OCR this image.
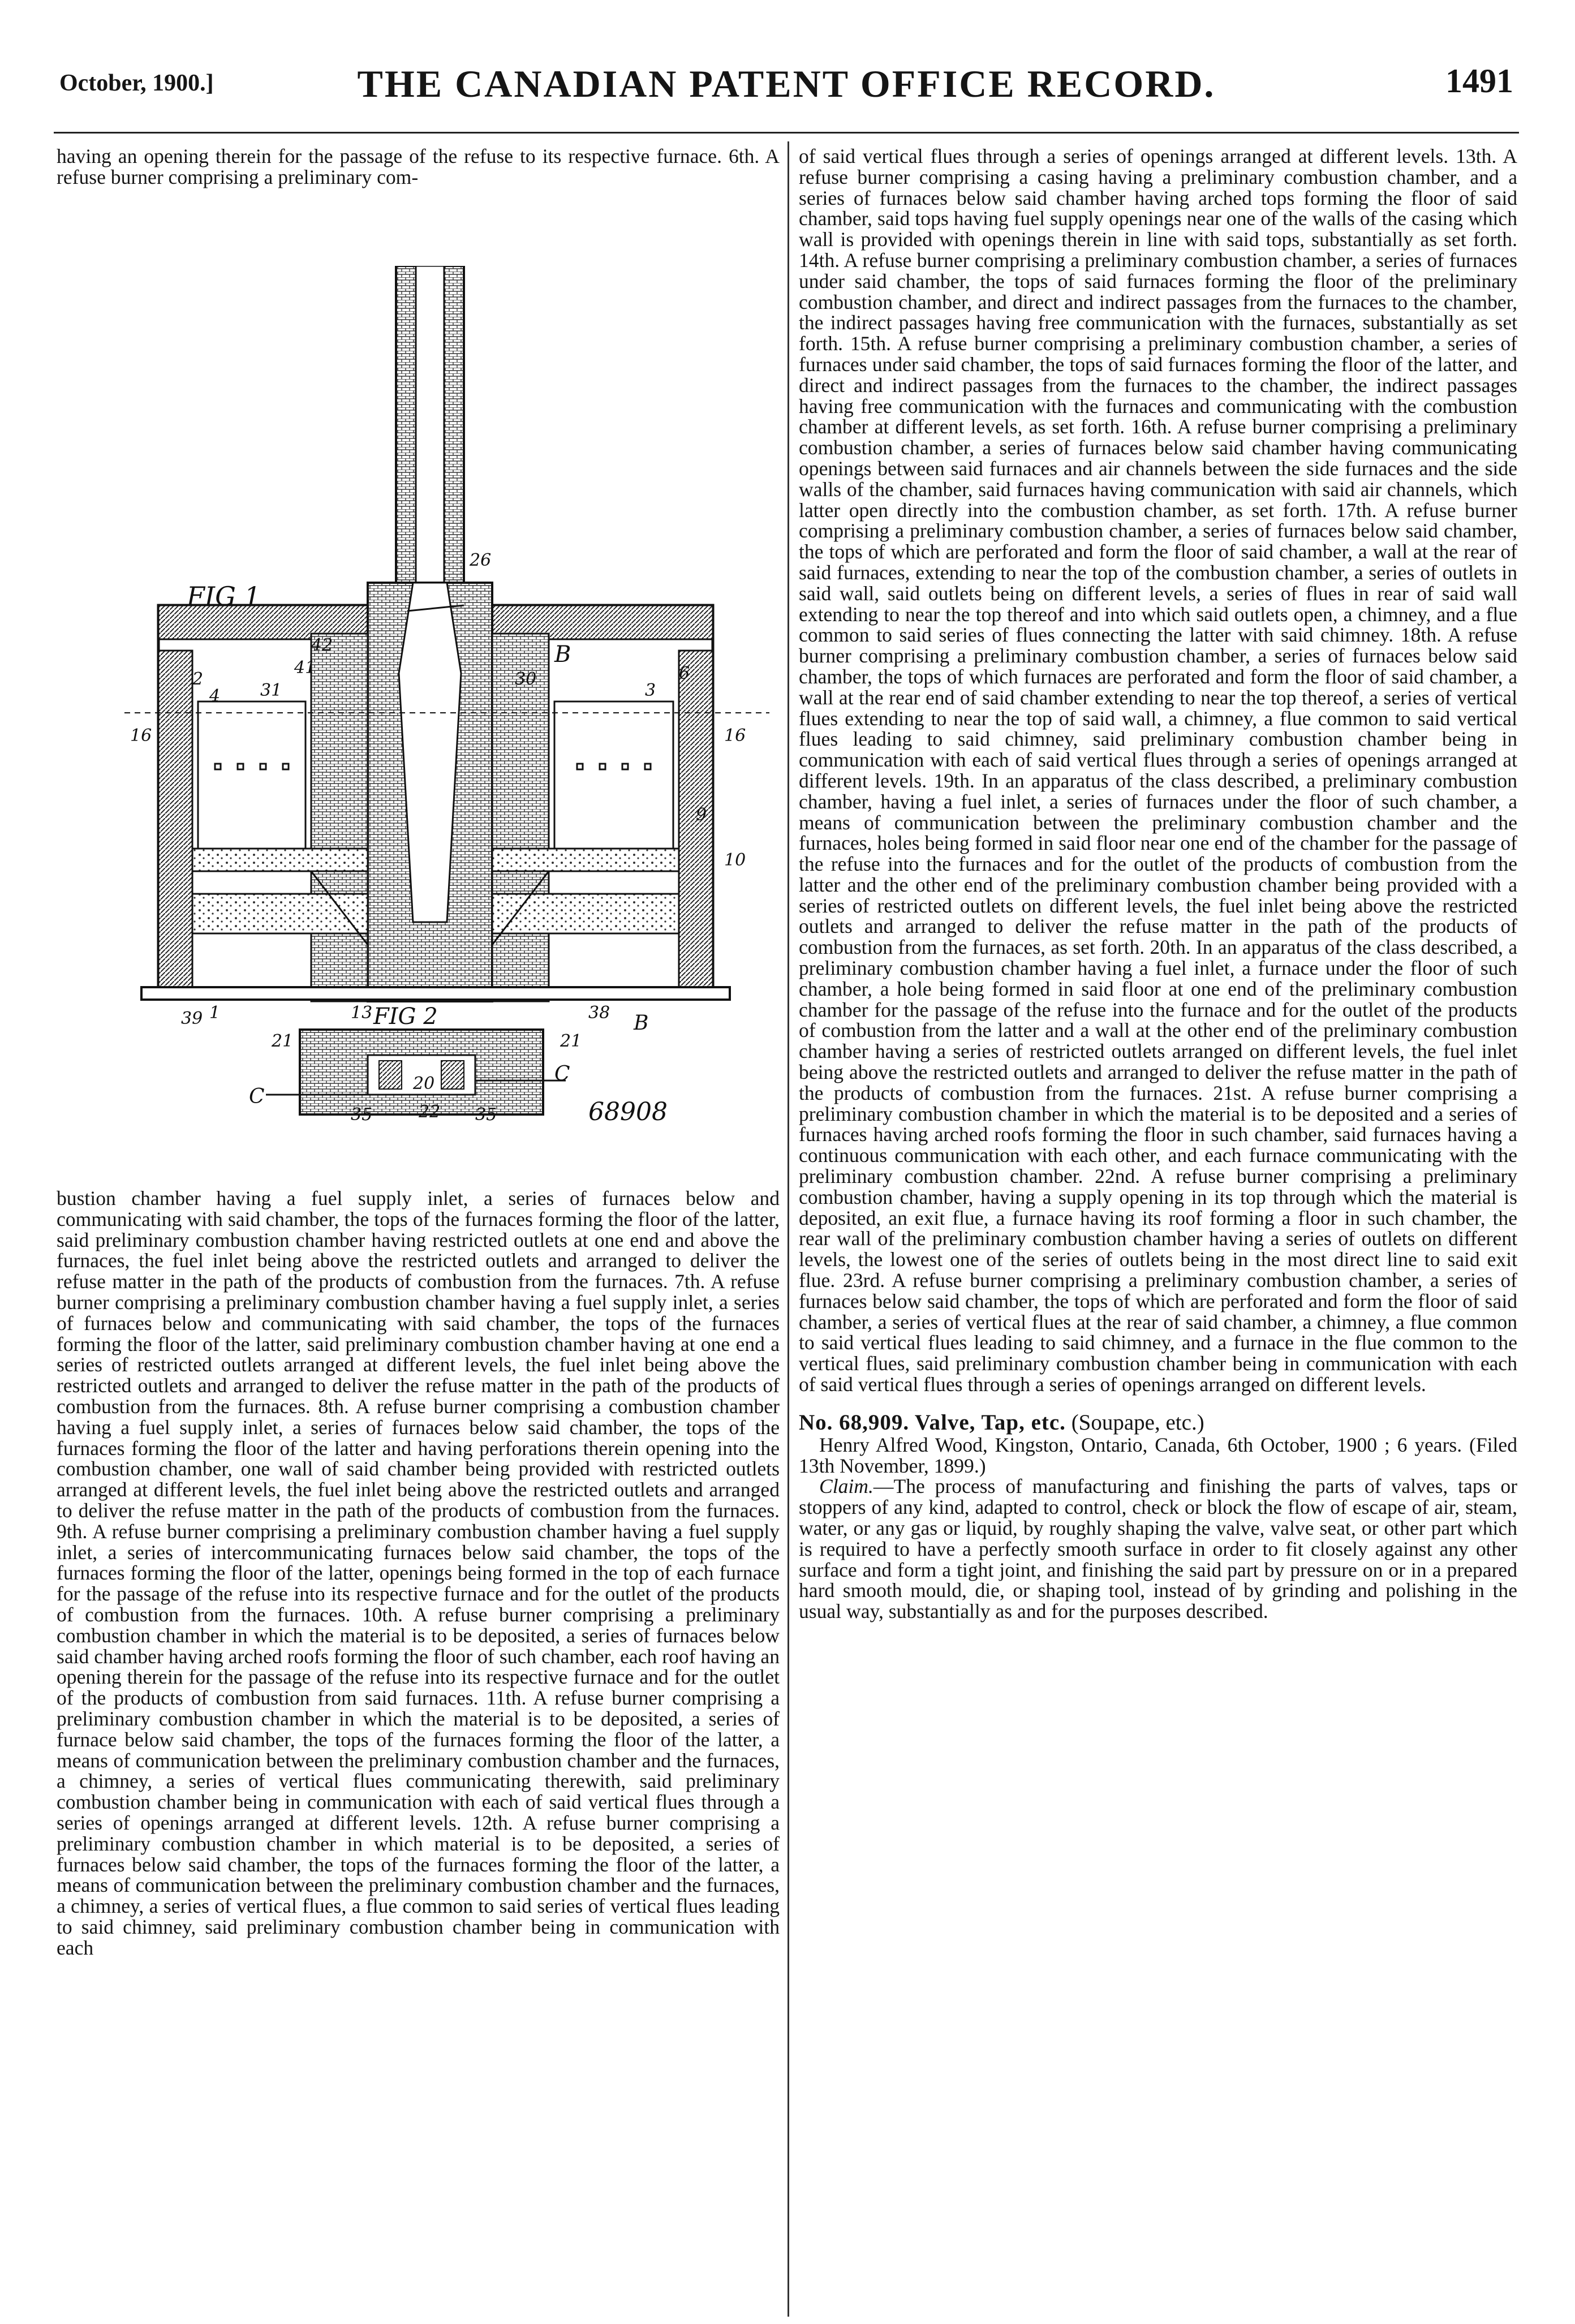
October, 1900.]	THE CANADIAN PATENT OFFICE RECORD.	1491

having an opening therein for the passage of the refuse to its respective furnace. 6th. A refuse burner comprising a preliminary com-

FIG 1
FIG 2
68908
26
42
41
31
30
B
3
6
4
2
16	16
9
10
39 1	13	38 B
C
C
35	35
22
21	21
20

bustion chamber having a fuel supply inlet, a series of furnaces below and communicating with said chamber, the tops of the furnaces forming the floor of the latter, said preliminary combustion chamber having restricted outlets at one end and above the furnaces, the fuel inlet being above the restricted outlets and arranged to deliver the refuse matter in the path of the products of combustion from the furnaces. 7th. A refuse burner comprising a preliminary combustion chamber having a fuel supply inlet, a series of furnaces below and communicating with said chamber, the tops of the furnaces forming the floor of the latter, said preliminary combustion chamber having at one end a series of restricted outlets arranged at different levels, the fuel inlet being above the restricted outlets and arranged to deliver the refuse matter in the path of the products of combustion from the furnaces. 8th. A refuse burner comprising a combustion chamber having a fuel supply inlet, a series of furnaces below said chamber, the tops of the furnaces forming the floor of the latter and having perforations therein opening into the combustion chamber, one wall of said chamber being provided with restricted outlets arranged at different levels, the fuel inlet being above the restricted outlets and arranged to deliver the refuse matter in the path of the products of combustion from the furnaces. 9th. A refuse burner comprising a preliminary combustion chamber having a fuel supply inlet, a series of intercommunicating furnaces below said chamber, the tops of the furnaces forming the floor of the latter, openings being formed in the top of each furnace for the passage of the refuse into its respective furnace and for the outlet of the products of combustion from the furnaces. 10th. A refuse burner comprising a preliminary combustion chamber in which the material is to be deposited, a series of furnaces below said chamber having arched roofs forming the floor of such chamber, each roof having an opening therein for the passage of the refuse into its respective furnace and for the outlet of the products of combustion from said furnaces. 11th. A refuse burner comprising a preliminary combustion chamber in which the material is to be deposited, a series of furnace below said chamber, the tops of the furnaces forming the floor of the latter, a means of communication between the preliminary combustion chamber and the furnaces, a chimney, a series of vertical flues communicating therewith, said preliminary combustion chamber being in communication with each of said vertical flues through a series of openings arranged at different levels. 12th. A refuse burner comprising a preliminary combustion chamber in which material is to be deposited, a series of furnaces below said chamber, the tops of the furnaces forming the floor of the latter, a means of communication between the preliminary combustion chamber and the furnaces, a chimney, a series of vertical flues, a flue common to said series of vertical flues leading to said chimney, said preliminary combustion chamber being in communication with each

of said vertical flues through a series of openings arranged at different levels. 13th. A refuse burner comprising a casing having a preliminary combustion chamber, and a series of furnaces below said chamber having arched tops forming the floor of said chamber, said tops having fuel supply openings near one of the walls of the casing which wall is provided with openings therein in line with said tops, substantially as set forth. 14th. A refuse burner comprising a preliminary combustion chamber, a series of furnaces under said chamber, the tops of said furnaces forming the floor of the preliminary combustion chamber, and direct and indirect passages from the furnaces to the chamber, the indirect passages having free communication with the furnaces, substantially as set forth. 15th. A refuse burner comprising a preliminary combustion chamber, a series of furnaces under said chamber, the tops of said furnaces forming the floor of the latter, and direct and indirect passages from the furnaces to the chamber, the indirect passages having free communication with the furnaces and communicating with the combustion chamber at different levels, as set forth. 16th. A refuse burner comprising a preliminary combustion chamber, a series of furnaces below said chamber having communicating openings between said furnaces and air channels between the side furnaces and the side walls of the chamber, said furnaces having communication with said air channels, which latter open directly into the combustion chamber, as set forth. 17th. A refuse burner comprising a preliminary combustion chamber, a series of furnaces below said chamber, the tops of which are perforated and form the floor of said chamber, a wall at the rear of said furnaces, extending to near the top of the combustion chamber, a series of outlets in said wall, said outlets being on different levels, a series of flues in rear of said wall extending to near the top thereof and into which said outlets open, a chimney, and a flue common to said series of flues connecting the latter with said chimney. 18th. A refuse burner comprising a preliminary combustion chamber, a series of furnaces below said chamber, the tops of which furnaces are perforated and form the floor of said chamber, a wall at the rear end of said chamber extending to near the top thereof, a series of vertical flues extending to near the top of said wall, a chimney, a flue common to said vertical flues leading to said chimney, said preliminary combustion chamber being in communication with each of said vertical flues through a series of openings arranged at different levels. 19th. In an apparatus of the class described, a preliminary combustion chamber, having a fuel inlet, a series of furnaces under the floor of such chamber, a means of communication between the preliminary combustion chamber and the furnaces, holes being formed in said floor near one end of the chamber for the passage of the refuse into the furnaces and for the outlet of the products of combustion from the latter and the other end of the preliminary combustion chamber being provided with a series of restricted outlets on different levels, the fuel inlet being above the restricted outlets and arranged to deliver the refuse matter in the path of the products of combustion from the furnaces, as set forth. 20th. In an apparatus of the class described, a preliminary combustion chamber having a fuel inlet, a furnace under the floor of such chamber, a hole being formed in said floor at one end of the preliminary combustion chamber for the passage of the refuse into the furnace and for the outlet of the products of combustion from the latter and a wall at the other end of the preliminary combustion chamber having a series of restricted outlets arranged on different levels, the fuel inlet being above the restricted outlets and arranged to deliver the refuse matter in the path of the products of combustion from the furnaces. 21st. A refuse burner comprising a preliminary combustion chamber in which the material is to be deposited and a series of furnaces having arched roofs forming the floor in such chamber, said furnaces having a continuous communication with each other, and each furnace communicating with the preliminary combustion chamber. 22nd. A refuse burner comprising a preliminary combustion chamber, having a supply opening in its top through which the material is deposited, an exit flue, a furnace having its roof forming a floor in such chamber, the rear wall of the preliminary combustion chamber having a series of outlets on different levels, the lowest one of the series of outlets being in the most direct line to said exit flue. 23rd. A refuse burner comprising a preliminary combustion chamber, a series of furnaces below said chamber, the tops of which are perforated and form the floor of said chamber, a series of vertical flues at the rear of said chamber, a chimney, a flue common to said vertical flues leading to said chimney, and a furnace in the flue common to the vertical flues, said preliminary combustion chamber being in communication with each of said vertical flues through a series of openings arranged on different levels.

No. 68,909. Valve, Tap, etc. (Soupape, etc.)

Henry Alfred Wood, Kingston, Ontario, Canada, 6th October, 1900 ; 6 years. (Filed 13th November, 1899.)

Claim.—The process of manufacturing and finishing the parts of valves, taps or stoppers of any kind, adapted to control, check or block the flow of escape of air, steam, water, or any gas or liquid, by roughly shaping the valve, valve seat, or other part which is required to have a perfectly smooth surface in order to fit closely against any other surface and form a tight joint, and finishing the said part by pressure on or in a prepared hard smooth mould, die, or shaping tool, instead of by grinding and polishing in the usual way, substantially as and for the purposes described.
